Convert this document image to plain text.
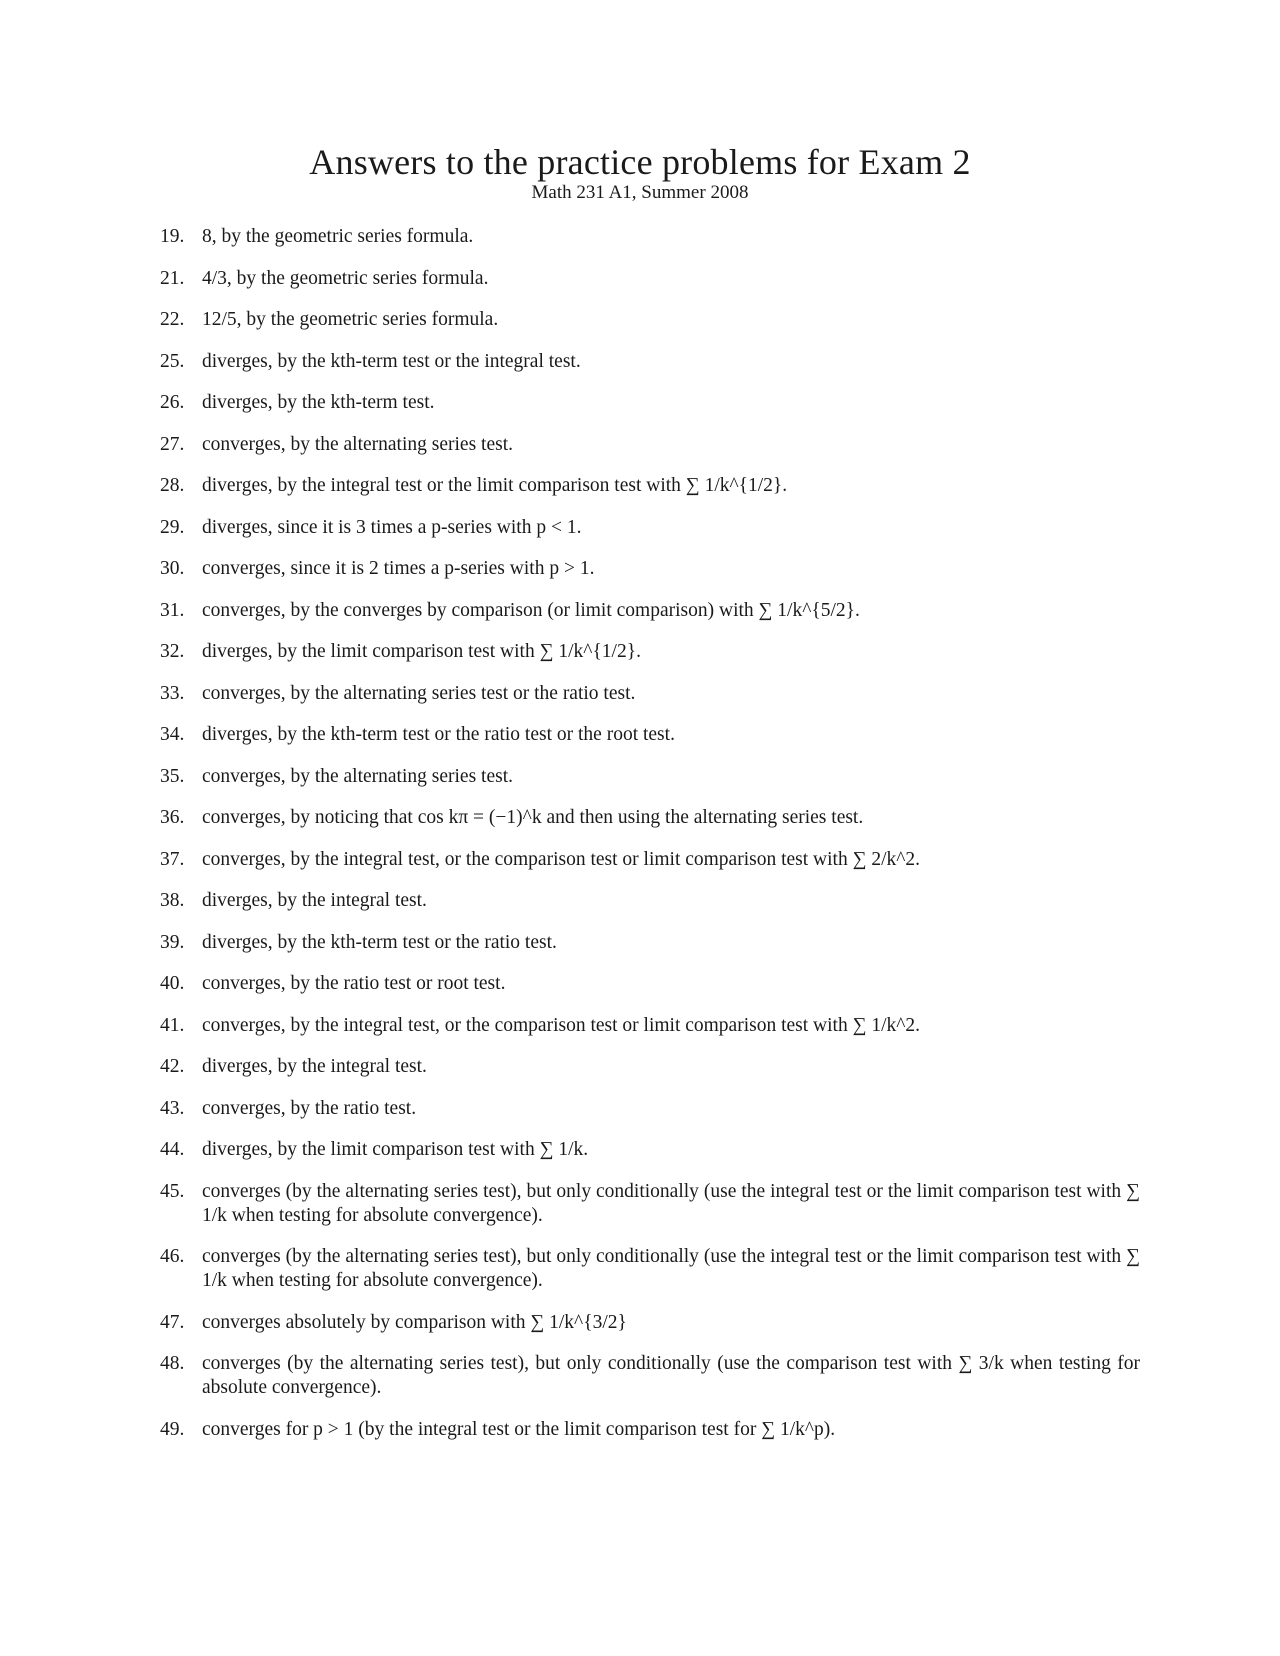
Answers to the practice problems for Exam 2
Math 231 A1, Summer 2008
19. 8, by the geometric series formula.
21. 4/3, by the geometric series formula.
22. 12/5, by the geometric series formula.
25. diverges, by the kth-term test or the integral test.
26. diverges, by the kth-term test.
27. converges, by the alternating series test.
28. diverges, by the integral test or the limit comparison test with ∑ 1/k^{1/2}.
29. diverges, since it is 3 times a p-series with p < 1.
30. converges, since it is 2 times a p-series with p > 1.
31. converges, by the converges by comparison (or limit comparison) with ∑ 1/k^{5/2}.
32. diverges, by the limit comparison test with ∑ 1/k^{1/2}.
33. converges, by the alternating series test or the ratio test.
34. diverges, by the kth-term test or the ratio test or the root test.
35. converges, by the alternating series test.
36. converges, by noticing that cos kπ = (−1)^k and then using the alternating series test.
37. converges, by the integral test, or the comparison test or limit comparison test with ∑ 2/k^2.
38. diverges, by the integral test.
39. diverges, by the kth-term test or the ratio test.
40. converges, by the ratio test or root test.
41. converges, by the integral test, or the comparison test or limit comparison test with ∑ 1/k^2.
42. diverges, by the integral test.
43. converges, by the ratio test.
44. diverges, by the limit comparison test with ∑ 1/k.
45. converges (by the alternating series test), but only conditionally (use the integral test or the limit comparison test with ∑ 1/k when testing for absolute convergence).
46. converges (by the alternating series test), but only conditionally (use the integral test or the limit comparison test with ∑ 1/k when testing for absolute convergence).
47. converges absolutely by comparison with ∑ 1/k^{3/2}
48. converges (by the alternating series test), but only conditionally (use the comparison test with ∑ 3/k when testing for absolute convergence).
49. converges for p > 1 (by the integral test or the limit comparison test for ∑ 1/k^p).
